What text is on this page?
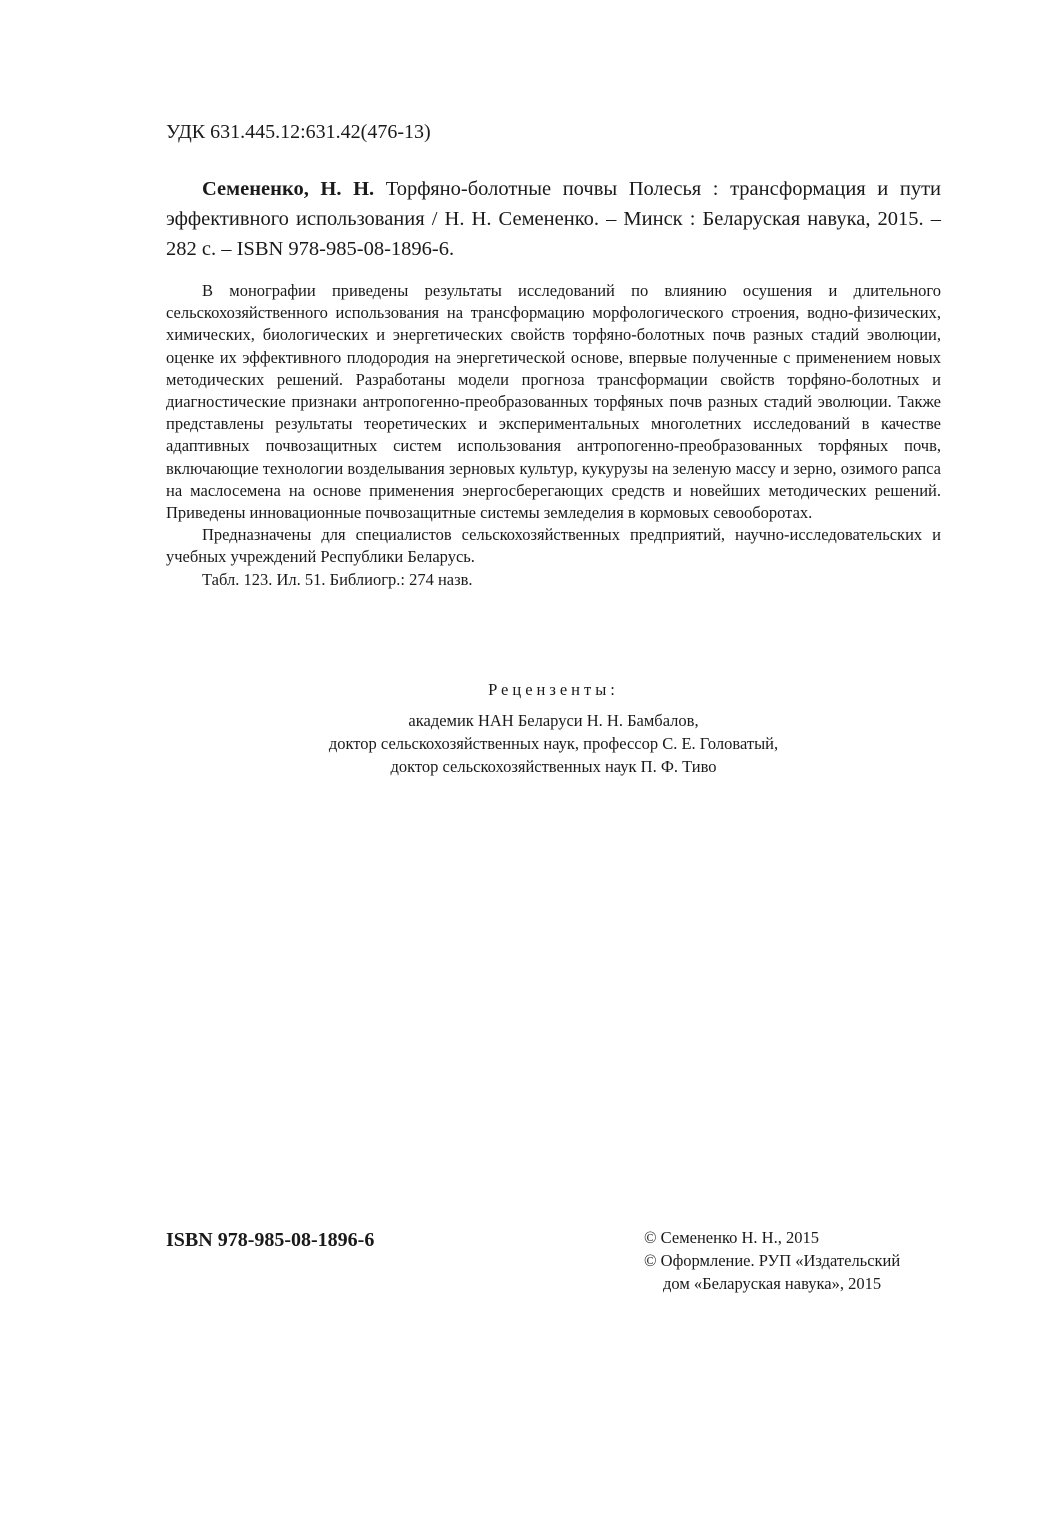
УДК 631.445.12:631.42(476-13)
Семененко, Н. Н. Торфяно-болотные почвы Полесья : трансформация и пути эффективного использования / Н. Н. Семененко. – Минск : Беларуская навука, 2015. – 282 с. – ISBN 978-985-08-1896-6.

В монографии приведены результаты исследований по влиянию осушения и длительного сельскохозяйственного использования на трансформацию морфологического строения, водно-физических, химических, биологических и энергетических свойств торфяно-болотных почв разных стадий эволюции, оценке их эффективного плодородия на энергетической основе, впервые полученные с применением новых методических решений. Разработаны модели прогноза трансформации свойств торфяно-болотных и диагностические признаки антропогенно-преобразованных торфяных почв разных стадий эволюции. Также представлены результаты теоретических и экспериментальных многолетних исследований в качестве адаптивных почвозащитных систем использования антропогенно-преобразованных торфяных почв, включающие технологии возделывания зерновых культур, кукурузы на зеленую массу и зерно, озимого рапса на маслосемена на основе применения энергосберегающих средств и новейших методических решений. Приведены инновационные почвозащитные системы земледелия в кормовых севооборотах.

Предназначены для специалистов сельскохозяйственных предприятий, научно-исследовательских и учебных учреждений Республики Беларусь.

Табл. 123. Ил. 51. Библиогр.: 274 назв.

Рецензенты:

академик НАН Беларуси Н. Н. Бамбалов,

доктор сельскохозяйственных наук, профессор С. Е. Головатый,

доктор сельскохозяйственных наук П. Ф. Тиво

ISBN 978-985-08-1896-6	© Семененко Н. Н., 2015

© Оформление. РУП «Издательский

дом «Беларуская навука», 2015
